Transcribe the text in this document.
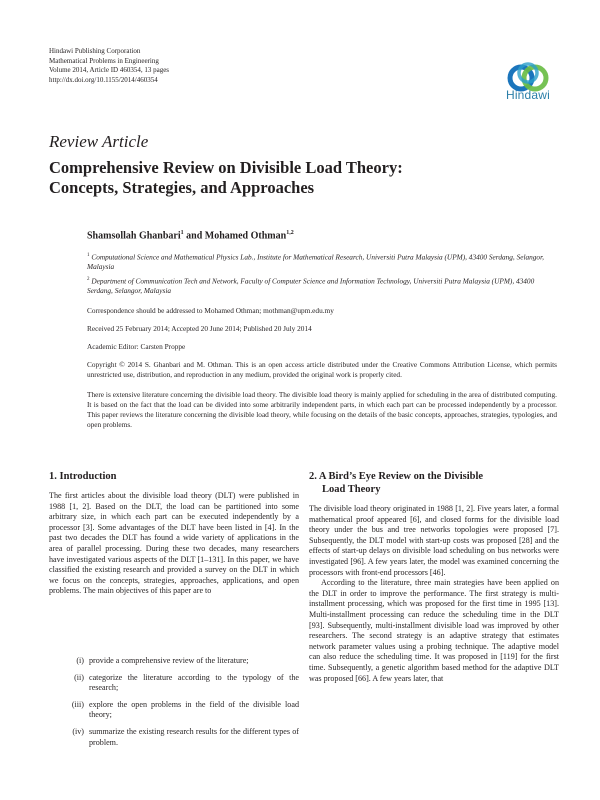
Hindawi Publishing Corporation
Mathematical Problems in Engineering
Volume 2014, Article ID 460354, 13 pages
http://dx.doi.org/10.1155/2014/460354
Hindawi
Review Article
Comprehensive Review on Divisible Load Theory:
Concepts, Strategies, and Approaches
Shamsollah Ghanbari$^1$ and Mohamed Othman$^{1,2}$
$^1$ Computational Science and Mathematical Physics Lab., Institute for Mathematical Research, Universiti Putra Malaysia (UPM), 43400 Serdang, Selangor, Malaysia
$^2$ Department of Communication Tech and Network, Faculty of Computer Science and Information Technology, Universiti Putra Malaysia (UPM), 43400 Serdang, Selangor, Malaysia
Correspondence should be addressed to Mohamed Othman; mothman@upm.edu.my
Received 25 February 2014; Accepted 20 June 2014; Published 20 July 2014
Academic Editor: Carsten Proppe
Copyright © 2014 S. Ghanbari and M. Othman. This is an open access article distributed under the Creative Commons Attribution License, which permits unrestricted use, distribution, and reproduction in any medium, provided the original work is properly cited.
There is extensive literature concerning the divisible load theory. The divisible load theory is mainly applied for scheduling in the area of distributed computing. It is based on the fact that the load can be divided into some arbitrarily independent parts, in which each part can be processed independently by a processor. This paper reviews the literature concerning the divisible load theory, while focusing on the details of the basic concepts, approaches, strategies, typologies, and open problems.
1. Introduction

The first articles about the divisible load theory (DLT) were published in 1988 [1, 2]. Based on the DLT, the load can be partitioned into some arbitrary size, in which each part can be executed independently by a processor [3]. Some advantages of the DLT have been listed in [4]. In the past two decades the DLT has found a wide variety of applications in the area of parallel processing. During these two decades, many researchers have investigated various aspects of the DLT [1–131]. In this paper, we have classified the existing research and provided a survey on the DLT in which we focus on the concepts, strategies, approaches, applications, and open problems. The main objectives of this paper are to

(i) provide a comprehensive review of the literature;
(ii) categorize the literature according to the typology of the research;
(iii) explore the open problems in the field of the divisible load theory;
(iv) summarize the existing research results for the different types of problem.
2. A Bird’s Eye Review on the Divisible
Load Theory

The divisible load theory originated in 1988 [1, 2]. Five years later, a formal mathematical proof appeared [6], and closed forms for the divisible load theory under the bus and tree networks topologies were proposed [7]. Subsequently, the DLT model with start-up costs was proposed [28] and the effects of start-up delays on divisible load scheduling on bus networks were investigated [96]. A few years later, the model was examined concerning the processors with front-end processors [46].

According to the literature, three main strategies have been applied on the DLT in order to improve the performance. The first strategy is multi-installment processing, which was proposed for the first time in 1995 [13]. Multi-installment processing can reduce the scheduling time in the DLT [93]. Subsequently, multi-installment divisible load was improved by other researchers. The second strategy is an adaptive strategy that estimates network parameter values using a probing technique. The adaptive model can also reduce the scheduling time. It was proposed in [119] for the first time. Subsequently, a genetic algorithm based method for the adaptive DLT was proposed [66]. A few years later, that
